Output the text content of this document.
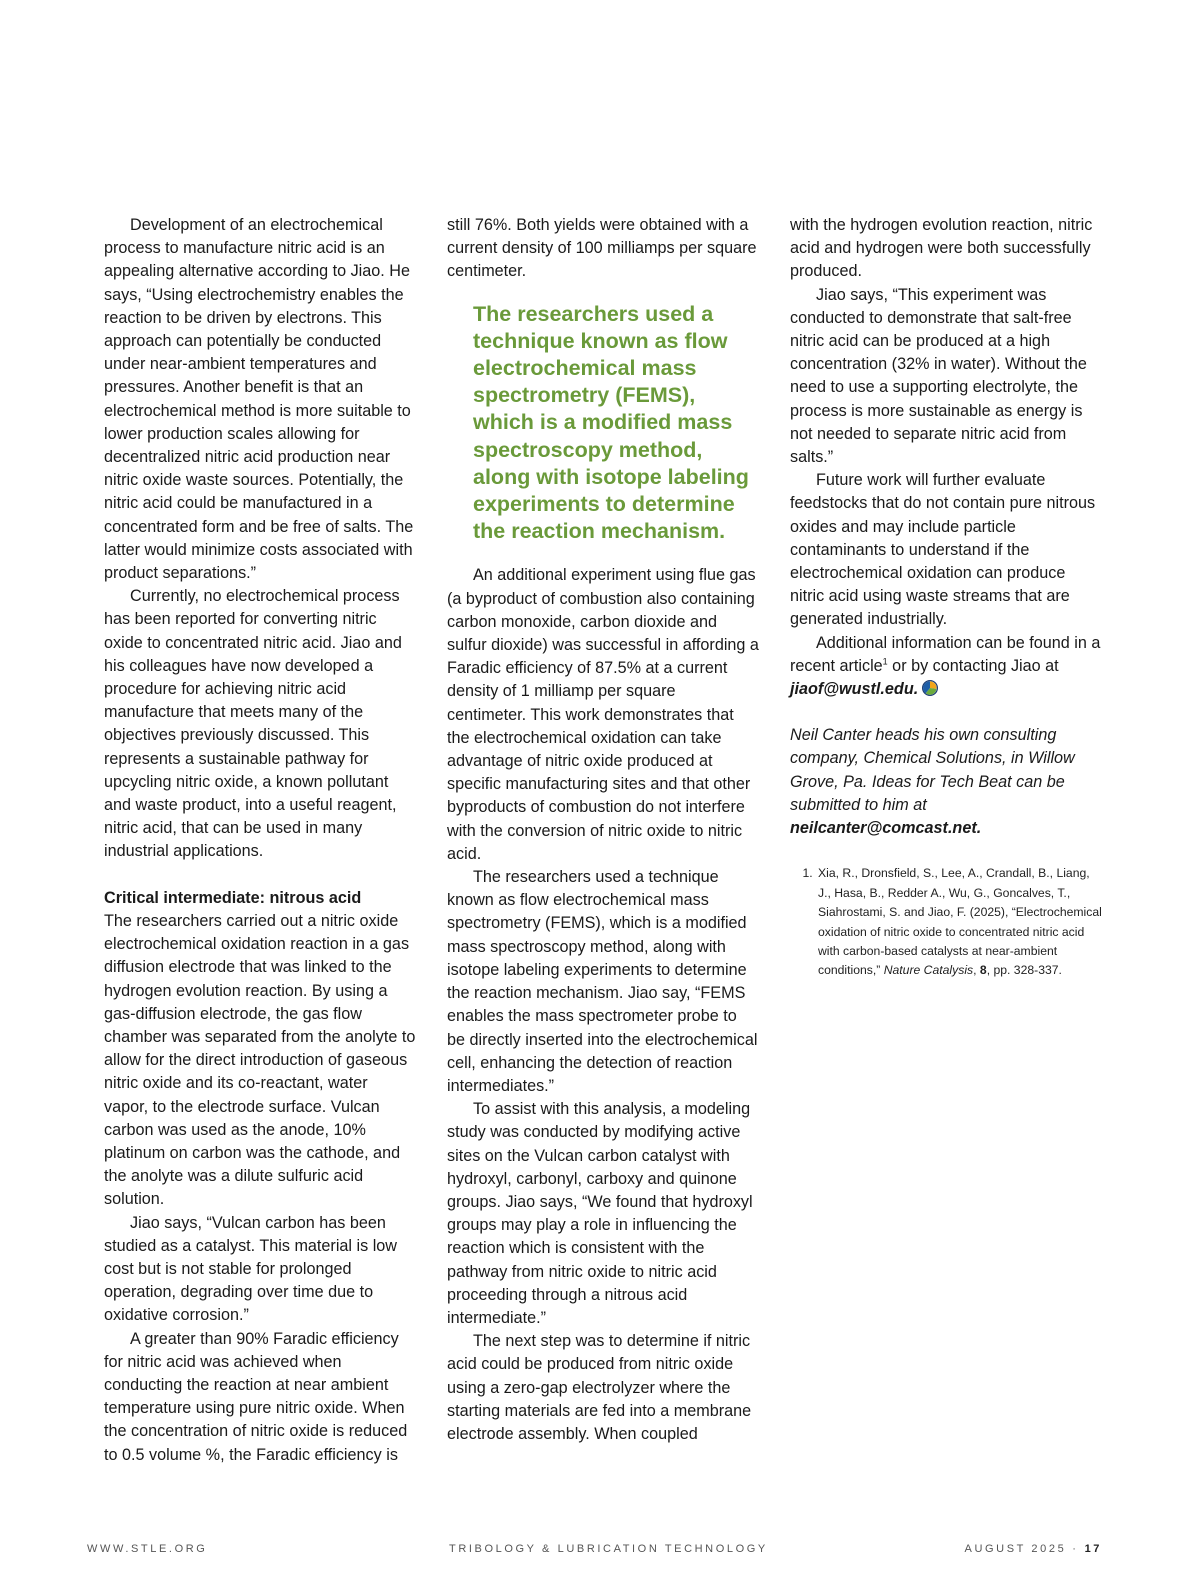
Development of an electrochemical process to manufacture nitric acid is an appealing alternative according to Jiao. He says, “Using electrochemistry enables the reaction to be driven by electrons. This approach can potentially be conducted under near-ambient temperatures and pressures. Another benefit is that an electrochemical method is more suitable to lower production scales allowing for decentralized nitric acid production near nitric oxide waste sources. Potentially, the nitric acid could be manufactured in a concentrated form and be free of salts. The latter would minimize costs associated with product separations.”

Currently, no electrochemical process has been reported for converting nitric oxide to concentrated nitric acid. Jiao and his colleagues have now developed a procedure for achieving nitric acid manufacture that meets many of the objectives previously discussed. This represents a sustainable pathway for upcycling nitric oxide, a known pollutant and waste product, into a useful reagent, nitric acid, that can be used in many industrial applications.

Critical intermediate: nitrous acid

The researchers carried out a nitric oxide electrochemical oxidation reaction in a gas diffusion electrode that was linked to the hydrogen evolution reaction. By using a gas-diffusion electrode, the gas flow chamber was separated from the anolyte to allow for the direct introduction of gaseous nitric oxide and its co-reactant, water vapor, to the electrode surface. Vulcan carbon was used as the anode, 10% platinum on carbon was the cathode, and the anolyte was a dilute sulfuric acid solution.

Jiao says, “Vulcan carbon has been studied as a catalyst. This material is low cost but is not stable for prolonged operation, degrading over time due to oxidative corrosion.”

A greater than 90% Faradic efficiency for nitric acid was achieved when conducting the reaction at near ambient temperature using pure nitric oxide. When the concentration of nitric oxide is reduced to 0.5 volume %, the Faradic efficiency is

still 76%. Both yields were obtained with a current density of 100 milliamps per square centimeter.

The researchers used a technique known as flow electrochemical mass spectrometry (FEMS), which is a modified mass spectroscopy method, along with isotope labeling experiments to determine the reaction mechanism.

An additional experiment using flue gas (a byproduct of combustion also containing carbon monoxide, carbon dioxide and sulfur dioxide) was successful in affording a Faradic efficiency of 87.5% at a current density of 1 milliamp per square centimeter. This work demonstrates that the electrochemical oxidation can take advantage of nitric oxide produced at specific manufacturing sites and that other byproducts of combustion do not interfere with the conversion of nitric oxide to nitric acid.

The researchers used a technique known as flow electrochemical mass spectrometry (FEMS), which is a modified mass spectroscopy method, along with isotope labeling experiments to determine the reaction mechanism. Jiao say, “FEMS enables the mass spectrometer probe to be directly inserted into the electrochemical cell, enhancing the detection of reaction intermediates.”

To assist with this analysis, a modeling study was conducted by modifying active sites on the Vulcan carbon catalyst with hydroxyl, carbonyl, carboxy and quinone groups. Jiao says, “We found that hydroxyl groups may play a role in influencing the reaction which is consistent with the pathway from nitric oxide to nitric acid proceeding through a nitrous acid intermediate.”

The next step was to determine if nitric acid could be produced from nitric oxide using a zero-gap electrolyzer where the starting materials are fed into a membrane electrode assembly. When coupled

with the hydrogen evolution reaction, nitric acid and hydrogen were both successfully produced.

Jiao says, “This experiment was conducted to demonstrate that salt-free nitric acid can be produced at a high concentration (32% in water). Without the need to use a supporting electrolyte, the process is more sustainable as energy is not needed to separate nitric acid from salts.”

Future work will further evaluate feedstocks that do not contain pure nitrous oxides and may include particle contaminants to understand if the electrochemical oxidation can produce nitric acid using waste streams that are generated industrially.

Additional information can be found in a recent article$^1$ or by contacting Jiao at jiaof@wustl.edu.

Neil Canter heads his own consulting company, Chemical Solutions, in Willow Grove, Pa. Ideas for Tech Beat can be submitted to him at neilcanter@comcast.net.

1. Xia, R., Dronsfield, S., Lee, A., Crandall, B., Liang, J., Hasa, B., Redder A., Wu, G., Goncalves, T., Siahrostami, S. and Jiao, F. (2025), “Electrochemical oxidation of nitric oxide to concentrated nitric acid with carbon-based catalysts at near-ambient conditions,” Nature Catalysis, 8, pp. 328-337.
WWW.STLE.ORG	TRIBOLOGY & LUBRICATION TECHNOLOGY	AUGUST 2025 · 17
